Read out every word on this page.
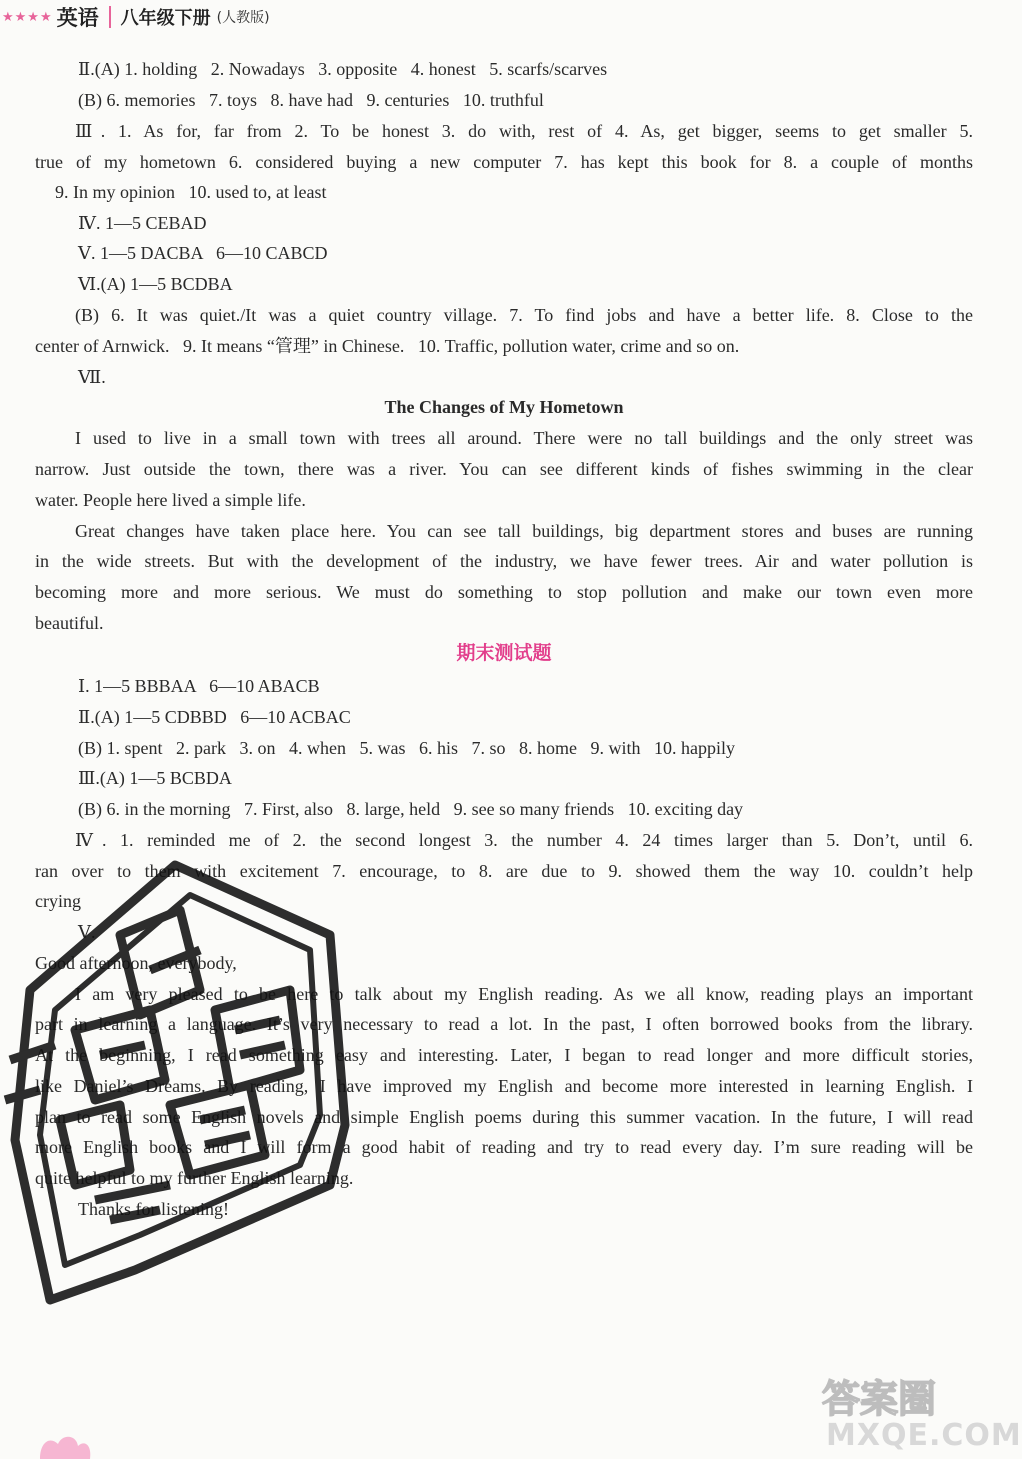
★★★★ 英语 八年级下册 (人教版)
Ⅱ.(A) 1. holding   2. Nowadays   3. opposite   4. honest   5. scarfs/scarves
(B) 6. memories   7. toys   8. have had   9. centuries   10. truthful
Ⅲ. 1. As for, far from 2. To be honest 3. do with, rest of 4. As, get bigger, seems to get smaller 5.
true of my hometown 6. considered buying a new computer 7. has kept this book for 8. a couple of months
9. In my opinion   10. used to, at least
Ⅳ. 1—5 CEBAD
Ⅴ. 1—5 DACBA   6—10 CABCD
Ⅵ.(A) 1—5 BCDBA
(B) 6. It was quiet./It was a quiet country village. 7. To find jobs and have a better life. 8. Close to the
center of Arnwick.   9. It means “管理” in Chinese.   10. Traffic, pollution water, crime and so on.
Ⅶ.
The Changes of My Hometown
I used to live in a small town with trees all around. There were no tall buildings and the only street was
narrow. Just outside the town, there was a river. You can see different kinds of fishes swimming in the clear
water. People here lived a simple life.
Great changes have taken place here. You can see tall buildings, big department stores and buses are running
in the wide streets. But with the development of the industry, we have fewer trees. Air and water pollution is
becoming more and more serious. We must do something to stop pollution and make our town even more
beautiful.
期末测试题
Ⅰ. 1—5 BBBAA   6—10 ABACB
Ⅱ.(A) 1—5 CDBBD   6—10 ACBAC
(B) 1. spent   2. park   3. on   4. when   5. was   6. his   7. so   8. home   9. with   10. happily
Ⅲ.(A) 1—5 BCBDA
(B) 6. in the morning   7. First, also   8. large, held   9. see so many friends   10. exciting day
Ⅳ. 1. reminded me of 2. the second longest 3. the number 4. 24 times larger than 5. Don’t, until 6.
ran over to them with excitement 7. encourage, to 8. are due to 9. showed them the way 10. couldn’t help
crying
Ⅴ.
Good afternoon, everybody,
I am very pleased to be here to talk about my English reading. As we all know, reading plays an important
part in learning a language. It’s very necessary to read a lot. In the past, I often borrowed books from the library.
At the beginning, I read something easy and interesting. Later, I began to read longer and more difficult stories,
like Daniel’s Dreams. By reading, I have improved my English and become more interested in learning English. I
plan to read some English novels and simple English poems during this summer vacation. In the future, I will read
more English books and I will form a good habit of reading and try to read every day. I’m sure reading will be
quite helpful to my further English learning.
Thanks for listening!
答案圈
MXQE.COM
